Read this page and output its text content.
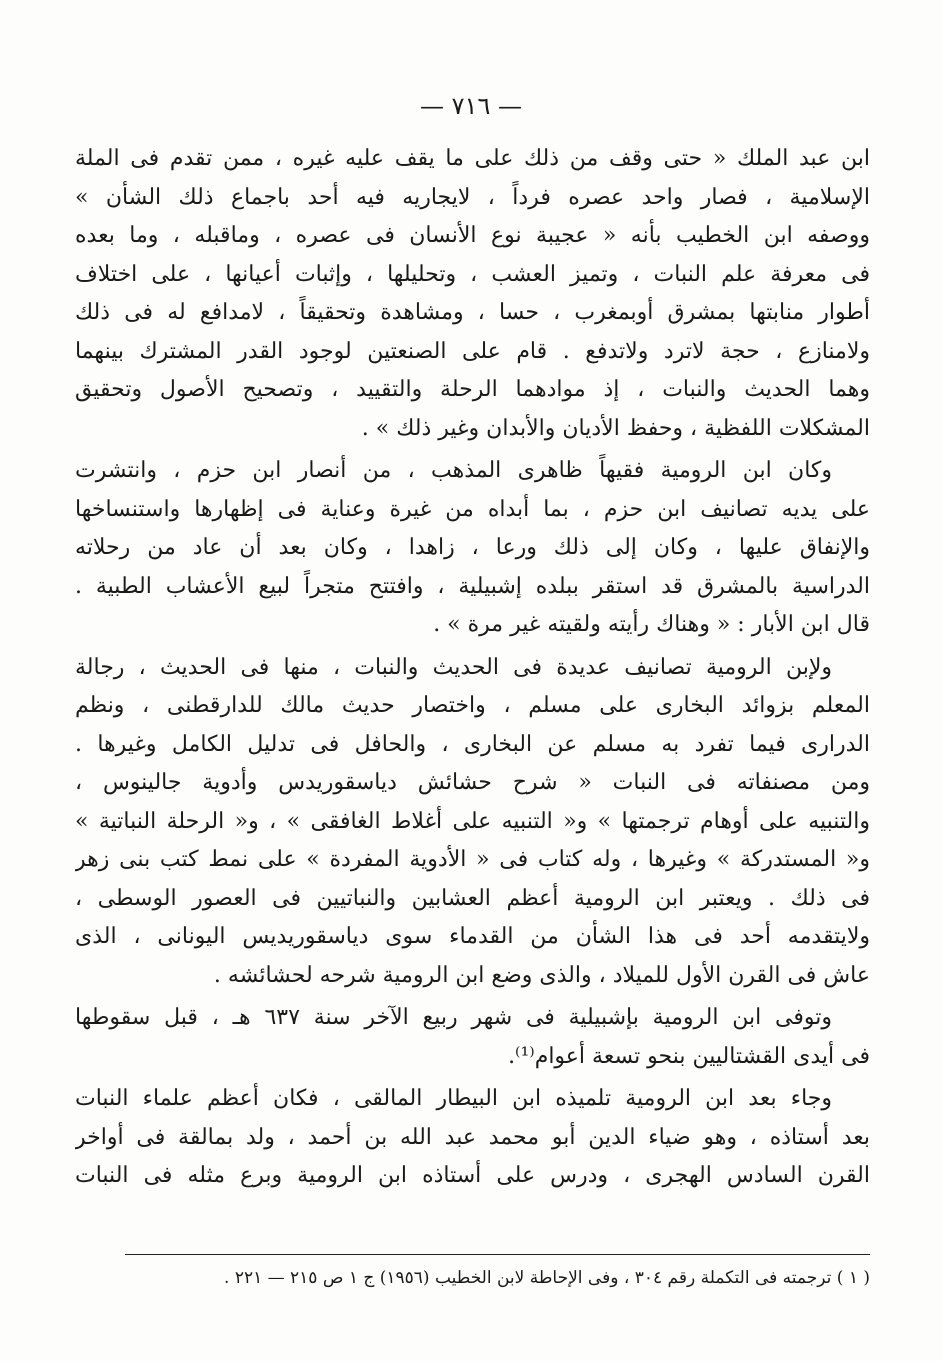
— ٧١٦ —
ابن عبد الملك « حتى وقف من ذلك على ما يقف عليه غيره ، ممن تقدم فى الملة
الإسلامية ، فصار واحد عصره فرداً ، لايجاريه فيه أحد باجماع ذلك الشأن »
ووصفه ابن الخطيب بأنه « عجيبة نوع الأنسان فى عصره ، وماقبله ، وما بعده
فى معرفة علم النبات ، وتميز العشب ، وتحليلها ، وإثبات أعيانها ، على اختلاف
أطوار منابتها بمشرق أوبمغرب ، حسا ، ومشاهدة وتحقيقاً ، لامدافع له فى ذلك
ولامنازع ، حجة لاترد ولاتدفع . قام على الصنعتين لوجود القدر المشترك بينهما
وهما الحديث والنبات ، إذ موادهما الرحلة والتقييد ، وتصحيح الأصول وتحقيق
المشكلات اللفظية ، وحفظ الأديان والأبدان وغير ذلك » .
وكان ابن الرومية فقيهاً ظاهرى المذهب ، من أنصار ابن حزم ، وانتشرت
على يديه تصانيف ابن حزم ، بما أبداه من غيرة وعناية فى إظهارها واستنساخها
والإنفاق عليها ، وكان إلى ذلك ورعا ، زاهدا ، وكان بعد أن عاد من رحلاته
الدراسية بالمشرق قد استقر ببلده إشبيلية ، وافتتح متجراً لبيع الأعشاب الطبية .
قال ابن الأبار : « وهناك رأيته ولقيته غير مرة » .
ولإبن الرومية تصانيف عديدة فى الحديث والنبات ، منها فى الحديث ، رجالة
المعلم بزوائد البخارى على مسلم ، واختصار حديث مالك للدارقطنى ، ونظم
الدرارى فيما تفرد به مسلم عن البخارى ، والحافل فى تدليل الكامل وغيرها .
ومن مصنفاته فى النبات « شرح حشائش دياسقوريدس وأدوية جالينوس ،
والتنبيه على أوهام ترجمتها » و« التنبيه على أغلاط الغافقى » ، و« الرحلة النباتية »
و« المستدركة » وغيرها ، وله كتاب فى « الأدوية المفردة » على نمط كتب بنى زهر
فى ذلك . ويعتبر ابن الرومية أعظم العشابين والنباتيين فى العصور الوسطى ،
ولايتقدمه أحد فى هذا الشأن من القدماء سوى دياسقوريديس اليونانى ، الذى
عاش فى القرن الأول للميلاد ، والذى وضع ابن الرومية شرحه لحشائشه .
وتوفى ابن الرومية بإشبيلية فى شهر ربيع الآخر سنة ٦٣٧ هـ ، قبل سقوطها
فى أيدى القشتاليين بنحو تسعة أعوام⁽¹⁾.
وجاء بعد ابن الرومية تلميذه ابن البيطار المالقى ، فكان أعظم علماء النبات
بعد أستاذه ، وهو ضياء الدين أبو محمد عبد الله بن أحمد ، ولد بمالقة فى أواخر
القرن السادس الهجرى ، ودرس على أستاذه ابن الرومية وبرع مثله فى النبات
( ١ ) ترجمته فى التكملة رقم ٣٠٤ ، وفى الإحاطة لابن الخطيب (١٩٥٦) ج ١ ص ٢١٥ — ٢٢١ .
